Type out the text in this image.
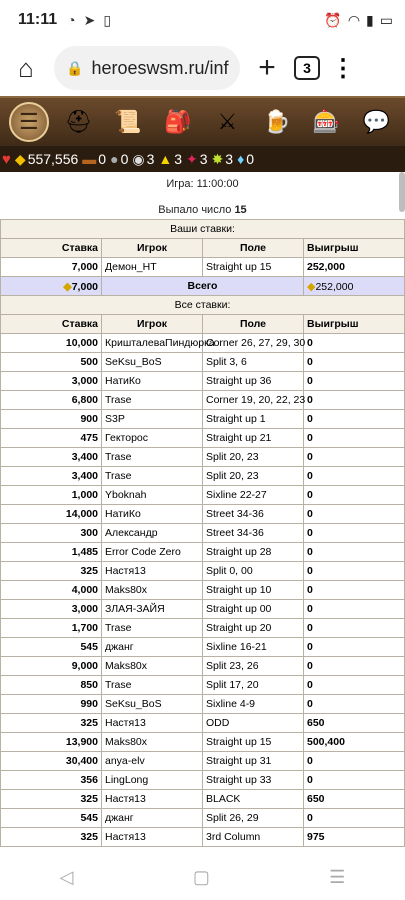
11:11 ◔ ➤ ▯	⏰ ◠ ▮ ▭
⌂	🔒 heroeswsm.ru/inf +	3 ⋮
☰	⛑ 📜 🎒	⚔	🍺 🎰 💬
♥ ◆ 557,556 ▬ 0 ● 0 ◉ 3 ▲ 3 ✦ 3 ✸ 3 ♦ 0
Игра: 11:00:00
Выпало число 15
Ваши ставки:			
Ставка	Игрок	Поле	Выигрыш
7,000	Демон_НТ	Straight up 15	252,000
◆7,000	Всего		◆252,000
Все ставки:			
Ставка	Игрок	Поле	Выигрыш
10,000	КришталеваПиндюрка	Corner 26, 27, 29, 30	0
500	SeKsu_BoS	Split 3, 6	0
3,000	НатиКо	Straight up 36	0
6,800	Trase	Corner 19, 20, 22, 23	0
900	S3P	Straight up 1	0
475	Гекторос	Straight up 21	0
3,400	Trase	Split 20, 23	0
3,400	Trase	Split 20, 23	0
1,000	Yboknah	Sixline 22-27	0
14,000	НатиКо	Street 34-36	0
300	Александр	Street 34-36	0
1,485	Error Code Zero	Straight up 28	0
325	Настя13	Split 0, 00	0
4,000	Maks80x	Straight up 10	0
3,000	ЗЛАЯ-ЗАЙЯ	Straight up 00	0
1,700	Trase	Straight up 20	0
545	джанг	Sixline 16-21	0
9,000	Maks80x	Split 23, 26	0
850	Trase	Split 17, 20	0
990	SeKsu_BoS	Sixline 4-9	0
325	Настя13	ODD	650
13,900	Maks80x	Straight up 15	500,400
30,400	anya-elv	Straight up 31	0
356	LingLong	Straight up 33	0
325	Настя13	BLACK	650
545	джанг	Split 26, 29	0
325	Настя13	3rd Column	975
◁	▢	☰
